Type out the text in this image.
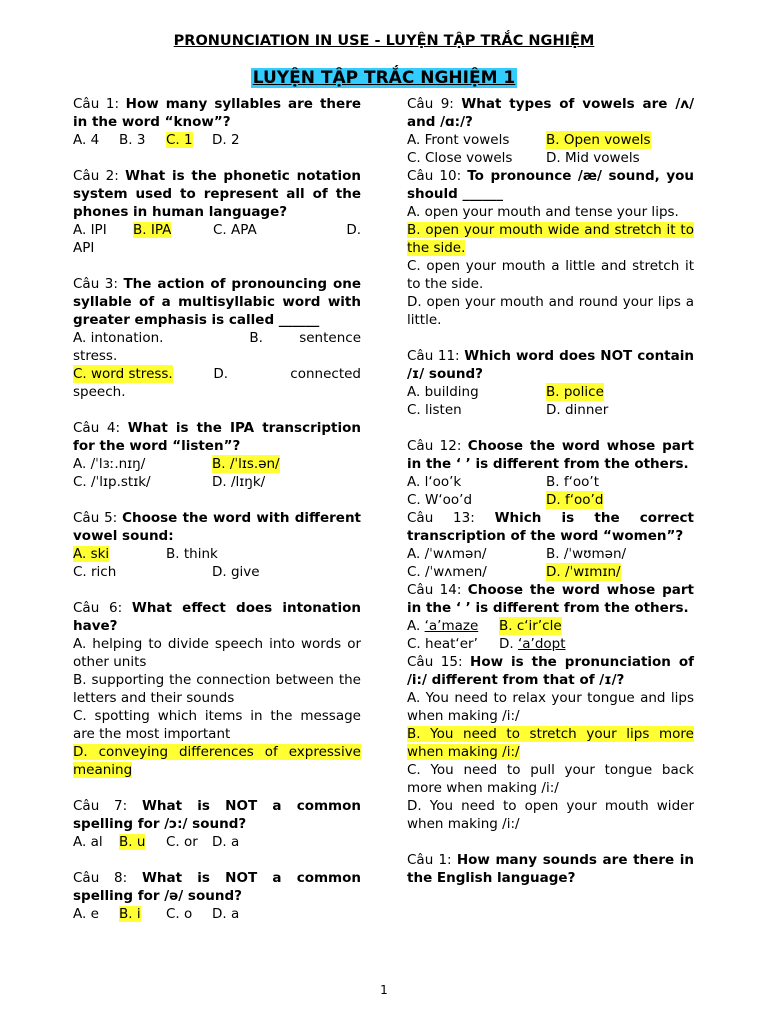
PRONUNCIATION IN USE - LUYỆN TẬP TRẮC NGHIỆM
LUYỆN TẬP TRẮC NGHIỆM 1
Câu 1: How many syllables are there in the word “know”?
A. 4	B. 3	C. 1	D. 2
Câu 2: What is the phonetic notation system used to represent all of the phones in human language?
A. IPI	B. IPA	C. APA	D.
API
Câu 3: The action of pronouncing one syllable of a multisyllabic word with greater emphasis is called ______
A. intonation.	B. sentence
stress.
C. word stress.	D. connected
speech.
Câu 4: What is the IPA transcription for the word “listen”?
A. /ˈlɜː.nɪŋ/	B. /ˈlɪs.ən/
C. /ˈlɪp.stɪk/	D. /lɪŋk/
Câu 5: Choose the word with different vowel sound:
A. ski	B. think
C. rich	D. give
Câu 6: What effect does intonation have?
A. helping to divide speech into words or other units
B. supporting the connection between the letters and their sounds
C. spotting which items in the message are the most important
D. conveying differences of expressive meaning
Câu 7: What is NOT a common spelling for /ɔ:/ sound?
A. al	B. u	C. or	D. a
Câu 8: What is NOT a common spelling for /ə/ sound?
A. e	B. i	C. o	D. a
Câu 9: What types of vowels are /ʌ/ and /ɑ:/?
A. Front vowels	B. Open vowels
C. Close vowels	D. Mid vowels
Câu 10: To pronounce /æ/ sound, you should ______
A. open your mouth and tense your lips.
B. open your mouth wide and stretch it to the side.
C. open your mouth a little and stretch it to the side.
D. open your mouth and round your lips a little.
Câu 11: Which word does NOT contain /ɪ/ sound?
A. building	B. police
C. listen	D. dinner
Câu 12: Choose the word whose part in the ‘ ’ is different from the others.
A. l‘oo’k	B. f‘oo’t
C. W‘oo’d	D. f‘oo’d
Câu 13: Which is the correct transcription of the word “women”?
A. /ˈwʌmən/	B. /ˈwʊmən/
C. /ˈwʌmen/	D. /ˈwɪmɪn/
Câu 14: Choose the word whose part in the ‘ ’ is different from the others.
A. ‘a’maze	B. c‘ir’cle
C. heat‘er’	D. ‘a’dopt
Câu 15: How is the pronunciation of /i:/ different from that of /ɪ/?
A. You need to relax your tongue and lips when making /i:/
B. You need to stretch your lips more when making /i:/
C. You need to pull your tongue back more when making /i:/
D. You need to open your mouth wider when making /i:/
Câu 1: How many sounds are there in the English language?
1
